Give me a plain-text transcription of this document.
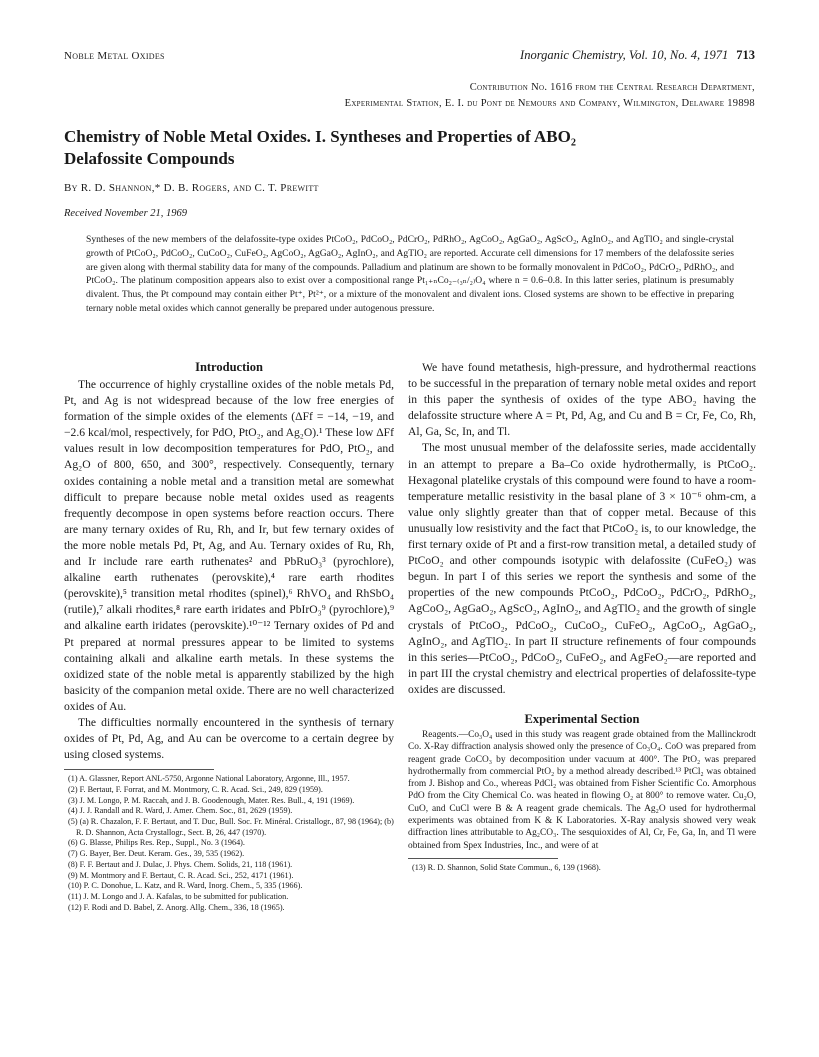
Noble Metal Oxides	Inorganic Chemistry, Vol. 10, No. 4, 1971 713
Contribution No. 1616 from the Central Research Department,
Experimental Station, E. I. du Pont de Nemours and Company, Wilmington, Delaware 19898
Chemistry of Noble Metal Oxides. I. Syntheses and Properties of ABO₂ Delafossite Compounds
By R. D. Shannon,* D. B. Rogers, and C. T. Prewitt
Received November 21, 1969
Syntheses of the new members of the delafossite-type oxides PtCoO₂, PdCoO₂, PdCrO₂, PdRhO₂, AgCoO₂, AgGaO₂, AgScO₂, AgInO₂, and AgTlO₂ and single-crystal growth of PtCoO₂, PdCoO₂, CuCoO₂, CuFeO₂, AgCoO₂, AgGaO₂, AgInO₂, and AgTlO₂ are reported. Accurate cell dimensions for 17 members of the delafossite series are given along with thermal stability data for many of the compounds. Palladium and platinum are shown to be formally monovalent in PdCoO₂, PdCrO₂, PdRhO₂, and PtCoO₂. The platinum composition appears also to exist over a compositional range Pt₁₊ₙCo₂₋₍₃ₙ/₂₎O₄ where n = 0.6–0.8. In this latter series, platinum is presumably divalent. Thus, the Pt compound may contain either Pt⁺, Pt²⁺, or a mixture of the monovalent and divalent ions. Closed systems are shown to be effective in preparing ternary noble metal oxides which cannot generally be prepared under autogenous pressure.
Introduction

The occurrence of highly crystalline oxides of the noble metals Pd, Pt, and Ag is not widespread because of the low free energies of formation of the simple oxides of the elements (ΔFf = −14, −19, and −2.6 kcal/mol, respectively, for PdO, PtO₂, and Ag₂O).¹ These low ΔFf values result in low decomposition temperatures for PdO, PtO₂, and Ag₂O of 800, 650, and 300°, respectively. Consequently, ternary oxides containing a noble metal and a transition metal are somewhat difficult to prepare because noble metal oxides used as reagents frequently decompose in open systems before reaction occurs. There are many ternary oxides of Ru, Rh, and Ir, but few ternary oxides of the more noble metals Pd, Pt, Ag, and Au. Ternary oxides of Ru, Rh, and Ir include rare earth ruthenates² and PbRuO₃³ (pyrochlore), alkaline earth ruthenates (perovskite),⁴ rare earth rhodites (perovskite),⁵ transition metal rhodites (spinel),⁶ RhVO₄ and RhSbO₄ (rutile),⁷ alkali rhodites,⁸ rare earth iridates and PbIrO₃⁹ (pyrochlore),⁹ and alkaline earth iridates (perovskite).¹⁰⁻¹² Ternary oxides of Pd and Pt prepared at normal pressures appear to be limited to systems containing alkali and alkaline earth metals. In these systems the oxidized state of the noble metal is apparently stabilized by the high basicity of the companion metal oxide. There are no well characterized oxides of Au.

The difficulties normally encountered in the synthesis of ternary oxides of Pt, Pd, Ag, and Au can be overcome to a certain degree by using closed systems.

(1) A. Glassner, Report ANL-5750, Argonne National Laboratory, Argonne, Ill., 1957.
(2) F. Bertaut, F. Forrat, and M. Montmory, C. R. Acad. Sci., 249, 829 (1959).
(3) J. M. Longo, P. M. Raccah, and J. B. Goodenough, Mater. Res. Bull., 4, 191 (1969).
(4) J. J. Randall and R. Ward, J. Amer. Chem. Soc., 81, 2629 (1959).
(5) (a) R. Chazalon, F. F. Bertaut, and T. Duc, Bull. Soc. Fr. Minéral. Cristallogr., 87, 98 (1964); (b) R. D. Shannon, Acta Crystallogr., Sect. B, 26, 447 (1970).
(6) G. Blasse, Philips Res. Rep., Suppl., No. 3 (1964).
(7) G. Bayer, Ber. Deut. Keram. Ges., 39, 535 (1962).
(8) F. F. Bertaut and J. Dulac, J. Phys. Chem. Solids, 21, 118 (1961).
(9) M. Montmory and F. Bertaut, C. R. Acad. Sci., 252, 4171 (1961).
(10) P. C. Donohue, L. Katz, and R. Ward, Inorg. Chem., 5, 335 (1966).
(11) J. M. Longo and J. A. Kafalas, to be submitted for publication.
(12) F. Rodi and D. Babel, Z. Anorg. Allg. Chem., 336, 18 (1965).

We have found metathesis, high-pressure, and hydrothermal reactions to be successful in the preparation of ternary noble metal oxides and report in this paper the synthesis of oxides of the type ABO₂ having the delafossite structure where A = Pt, Pd, Ag, and Cu and B = Cr, Fe, Co, Rh, Al, Ga, Sc, In, and Tl.

The most unusual member of the delafossite series, made accidentally in an attempt to prepare a Ba–Co oxide hydrothermally, is PtCoO₂. Hexagonal platelike crystals of this compound were found to have a room-temperature metallic resistivity in the basal plane of 3 × 10⁻⁶ ohm-cm, a value only slightly greater than that of copper metal. Because of this unusually low resistivity and the fact that PtCoO₂ is, to our knowledge, the first ternary oxide of Pt and a first-row transition metal, a detailed study of PtCoO₂ and other compounds isotypic with delafossite (CuFeO₂) was begun. In part I of this series we report the synthesis and some of the properties of the new compounds PtCoO₂, PdCoO₂, PdCrO₂, PdRhO₂, AgCoO₂, AgGaO₂, AgScO₂, AgInO₂, and AgTlO₂ and the growth of single crystals of PtCoO₂, PdCoO₂, CuCoO₂, CuFeO₂, AgCoO₂, AgGaO₂, AgInO₂, and AgTlO₂. In part II structure refinements of four compounds in this series—PtCoO₂, PdCoO₂, CuFeO₂, and AgFeO₂—are reported and in part III the crystal chemistry and electrical properties of delafossite-type oxides are discussed.

Experimental Section

Reagents.—Co₃O₄ used in this study was reagent grade obtained from the Mallinckrodt Co. X-Ray diffraction analysis showed only the presence of Co₃O₄. CoO was prepared from reagent grade CoCO₃ by decomposition under vacuum at 400°. The PtO₂ was prepared hydrothermally from commercial PtO₂ by a method already described.¹³ PtCl₂ was obtained from J. Bishop and Co., whereas PdCl₂ was obtained from Fisher Scientific Co. Amorphous PdO from the City Chemical Co. was heated in flowing O₂ at 800° to remove water. Cu₂O, CuO, and CuCl were B & A reagent grade chemicals. The Ag₂O used for hydrothermal experiments was obtained from K & K Laboratories. X-Ray analysis showed very weak diffraction lines attributable to Ag₂CO₃. The sesquioxides of Al, Cr, Fe, Ga, In, and Tl were obtained from Spex Industries, Inc., and were of at

(13) R. D. Shannon, Solid State Commun., 6, 139 (1968).
